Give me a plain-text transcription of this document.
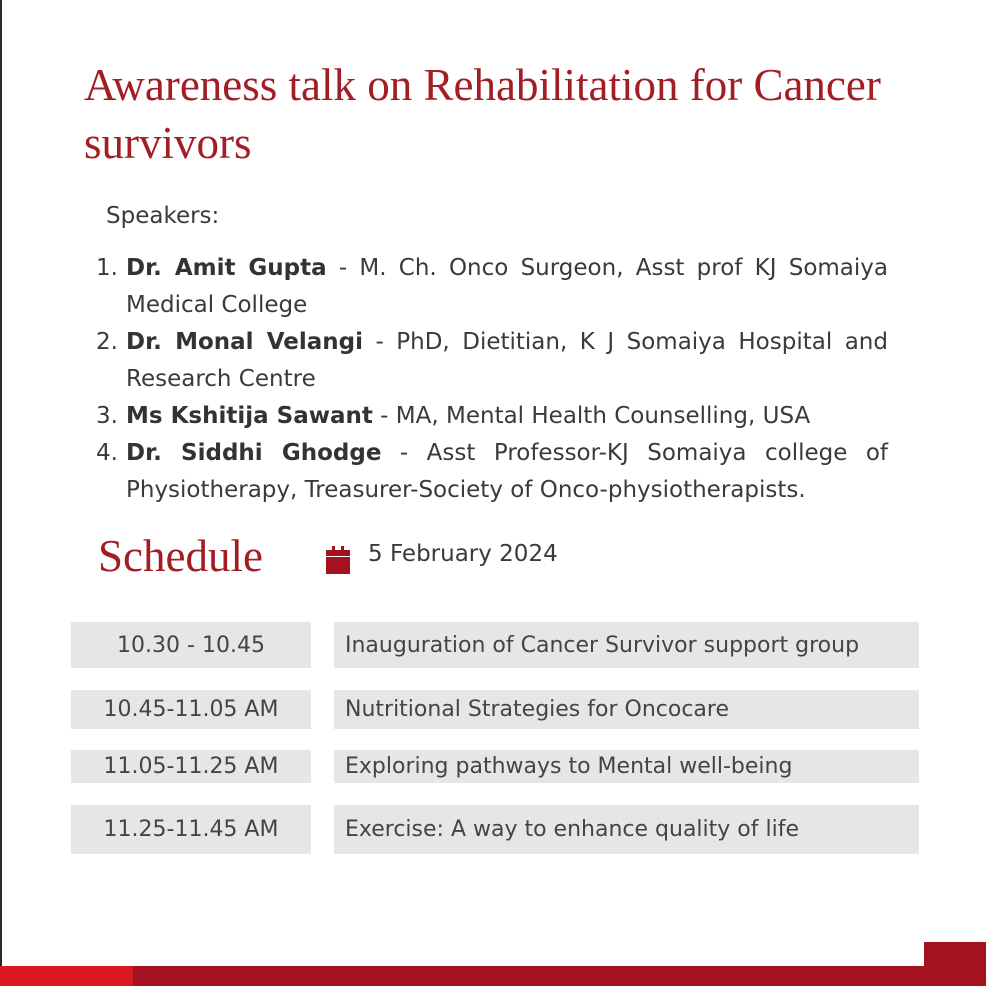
Awareness talk on Rehabilitation for Cancer survivors
Speakers:
1. Dr. Amit Gupta - M. Ch. Onco Surgeon, Asst prof KJ Somaiya Medical College
2. Dr. Monal Velangi - PhD, Dietitian, K J Somaiya Hospital and Research Centre
3. Ms Kshitija Sawant - MA, Mental Health Counselling, USA
4. Dr. Siddhi Ghodge - Asst Professor-KJ Somaiya college of Physiotherapy, Treasurer-Society of Onco-physiotherapists.
Schedule	5 February 2024
10.30 - 10.45	Inauguration of Cancer Survivor support group
10.45-11.05 AM	Nutritional Strategies for Oncocare
11.05-11.25 AM	Exploring pathways to Mental well-being
11.25-11.45 AM	Exercise: A way to enhance quality of life
